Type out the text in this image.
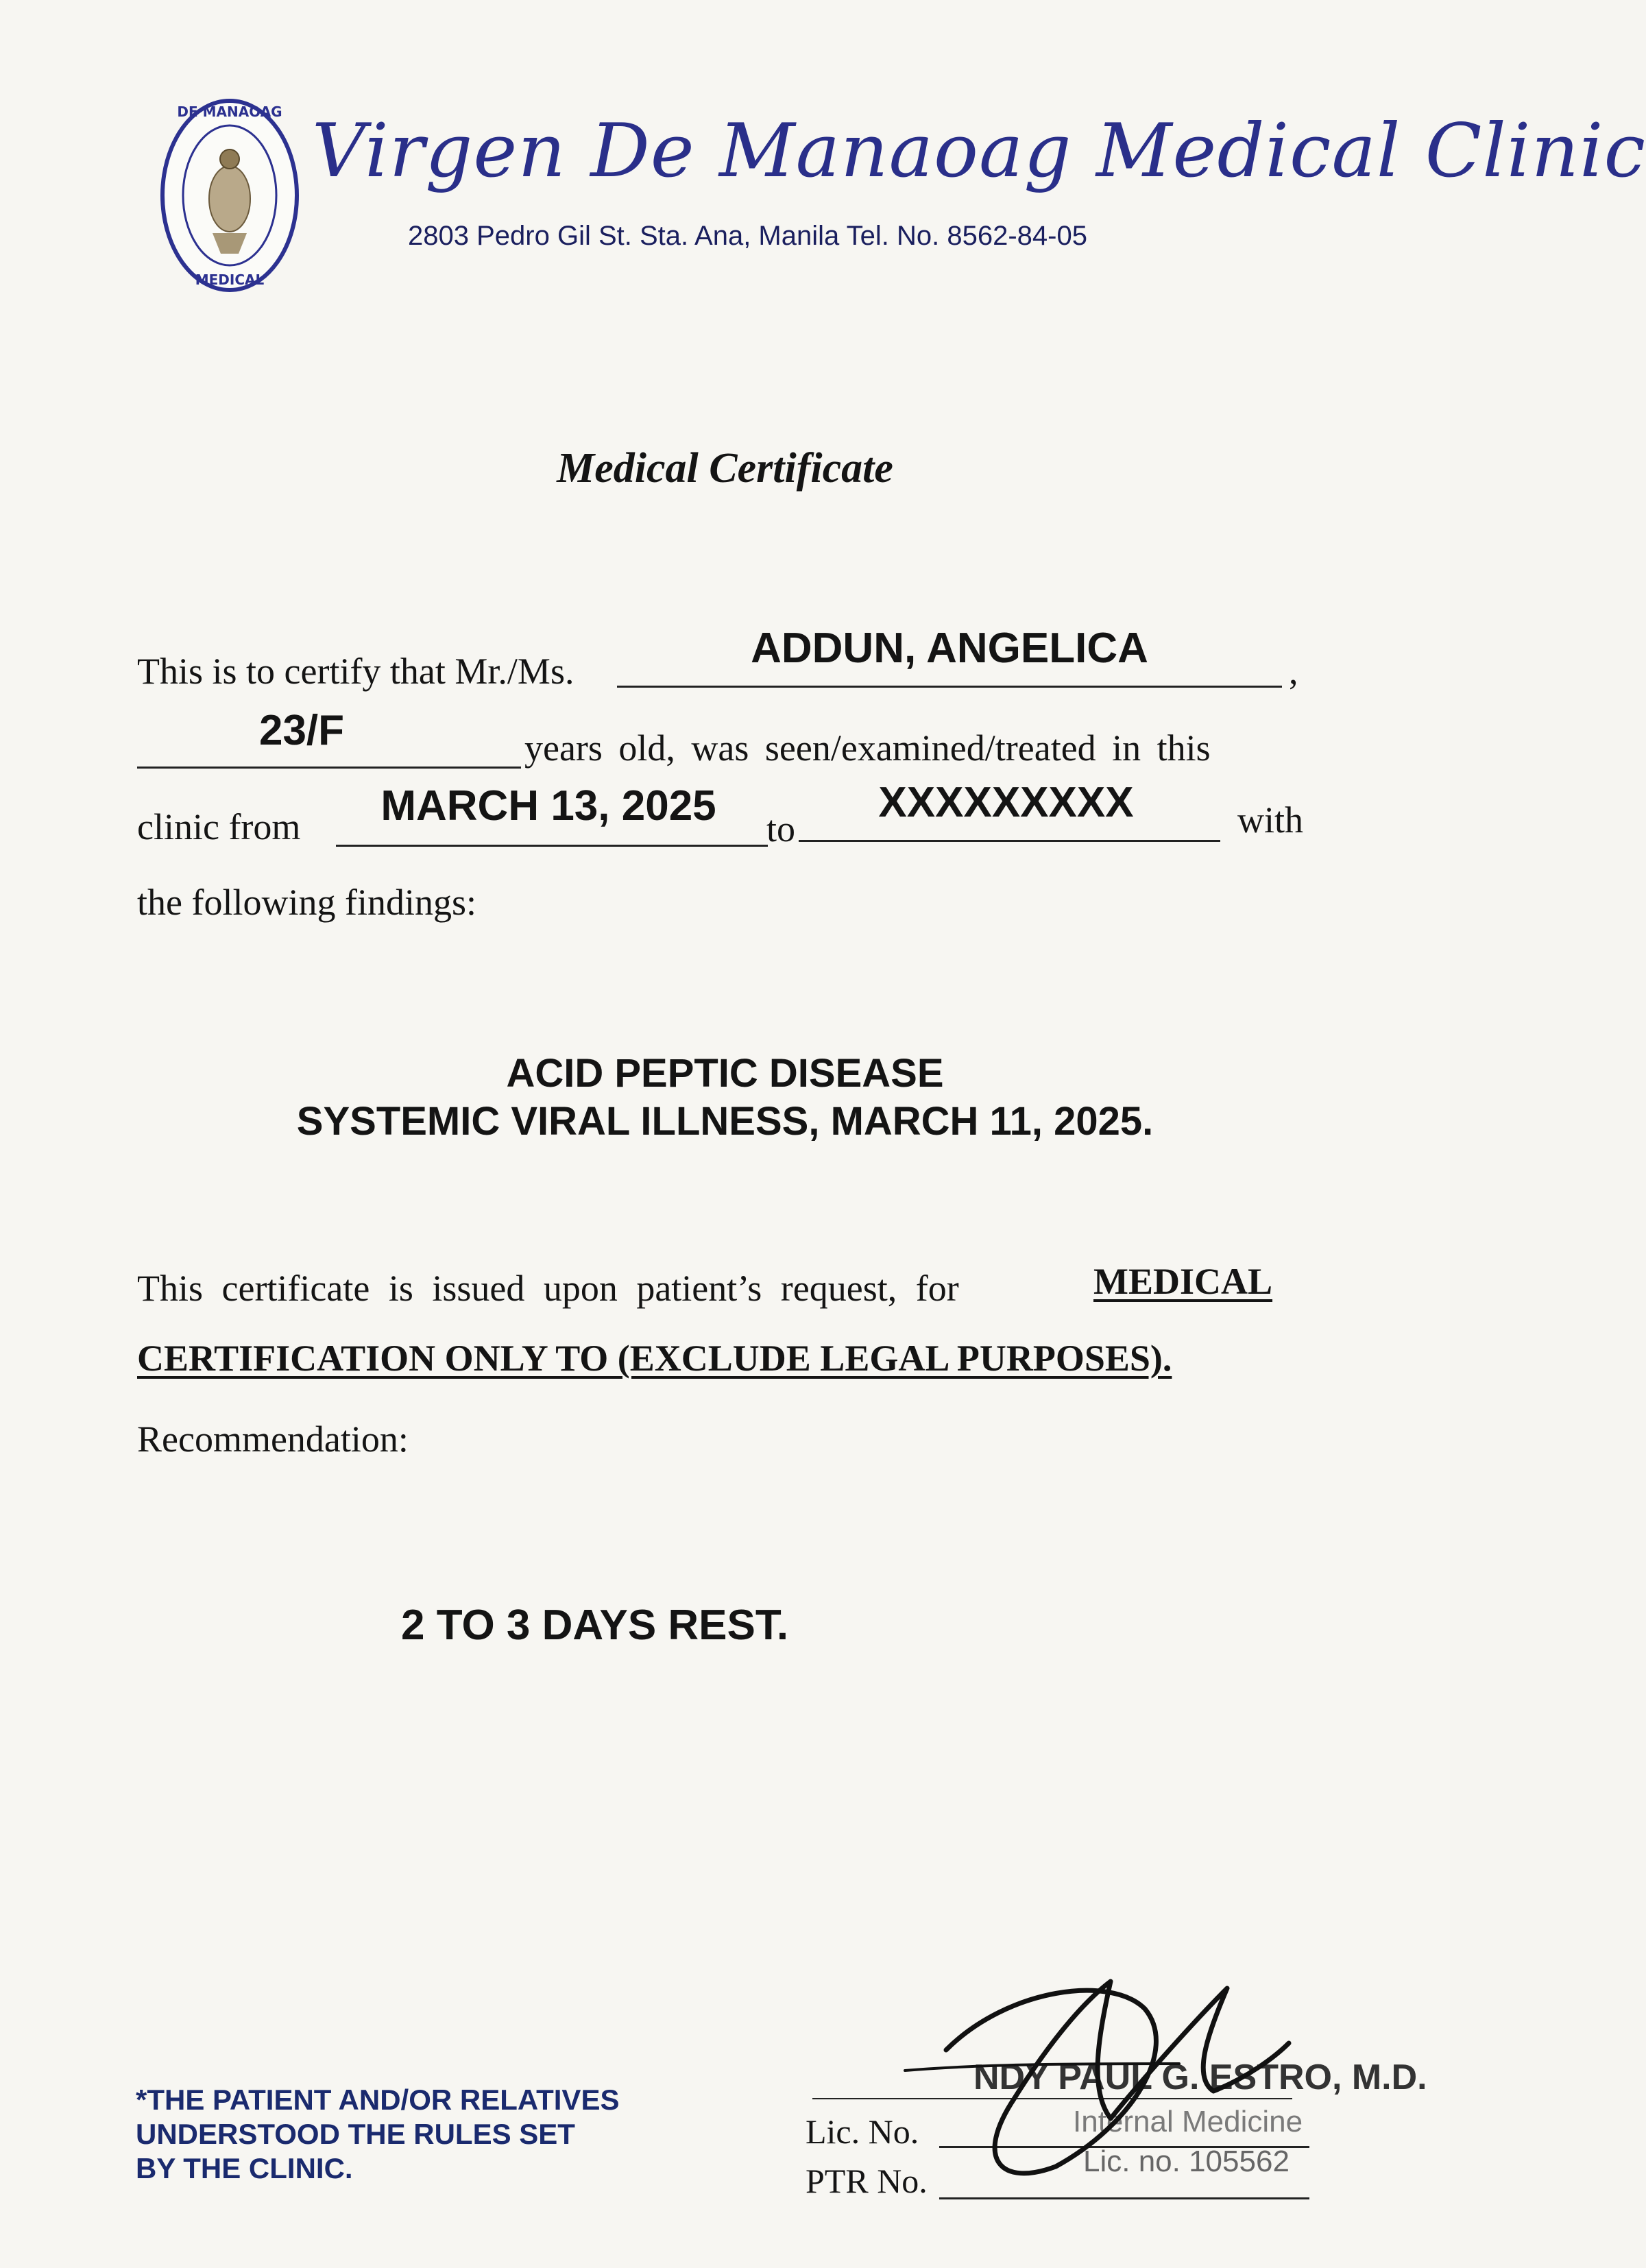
DE MANAOAG
MEDICAL
Virgen De Manaoag Medical Clinic
2803 Pedro Gil St. Sta. Ana, Manila Tel. No. 8562-84-05
Medical Certificate
This is to certify that Mr./Ms.	ADDUN, ANGELICA	,
23/F	years old, was seen/examined/treated in this
clinic from	MARCH 13, 2025	to
XXXXXXXXX	with
the following findings:
ACID PEPTIC DISEASE
SYSTEMIC VIRAL ILLNESS, MARCH 11, 2025.
This certificate is issued upon patient’s request, for	MEDICAL
CERTIFICATION ONLY TO (EXCLUDE LEGAL PURPOSES).
Recommendation:
2 TO 3 DAYS REST.
*THE PATIENT AND/OR RELATIVES
UNDERSTOOD THE RULES SET
BY THE CLINIC.
NDY PAUL G. ESTRO, M.D.
Internal Medicine
Lic. no. 105562
Lic. No.
PTR No.
